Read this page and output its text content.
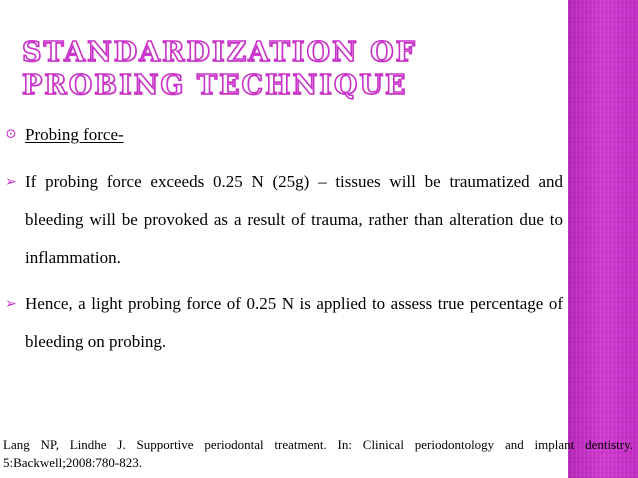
STANDARDIZATION OF PROBING TECHNIQUE
⊙ Probing force-
➢ If probing force exceeds 0.25 N (25g) – tissues will be traumatized and bleeding will be provoked as a result of trauma, rather than alteration due to inflammation.
➢ Hence, a light probing force of 0.25 N is applied to assess true percentage of bleeding on probing.

Lang NP, Lindhe J. Supportive periodontal treatment. In: Clinical periodontology and implant dentistry. 5:Backwell;2008:780-823.
